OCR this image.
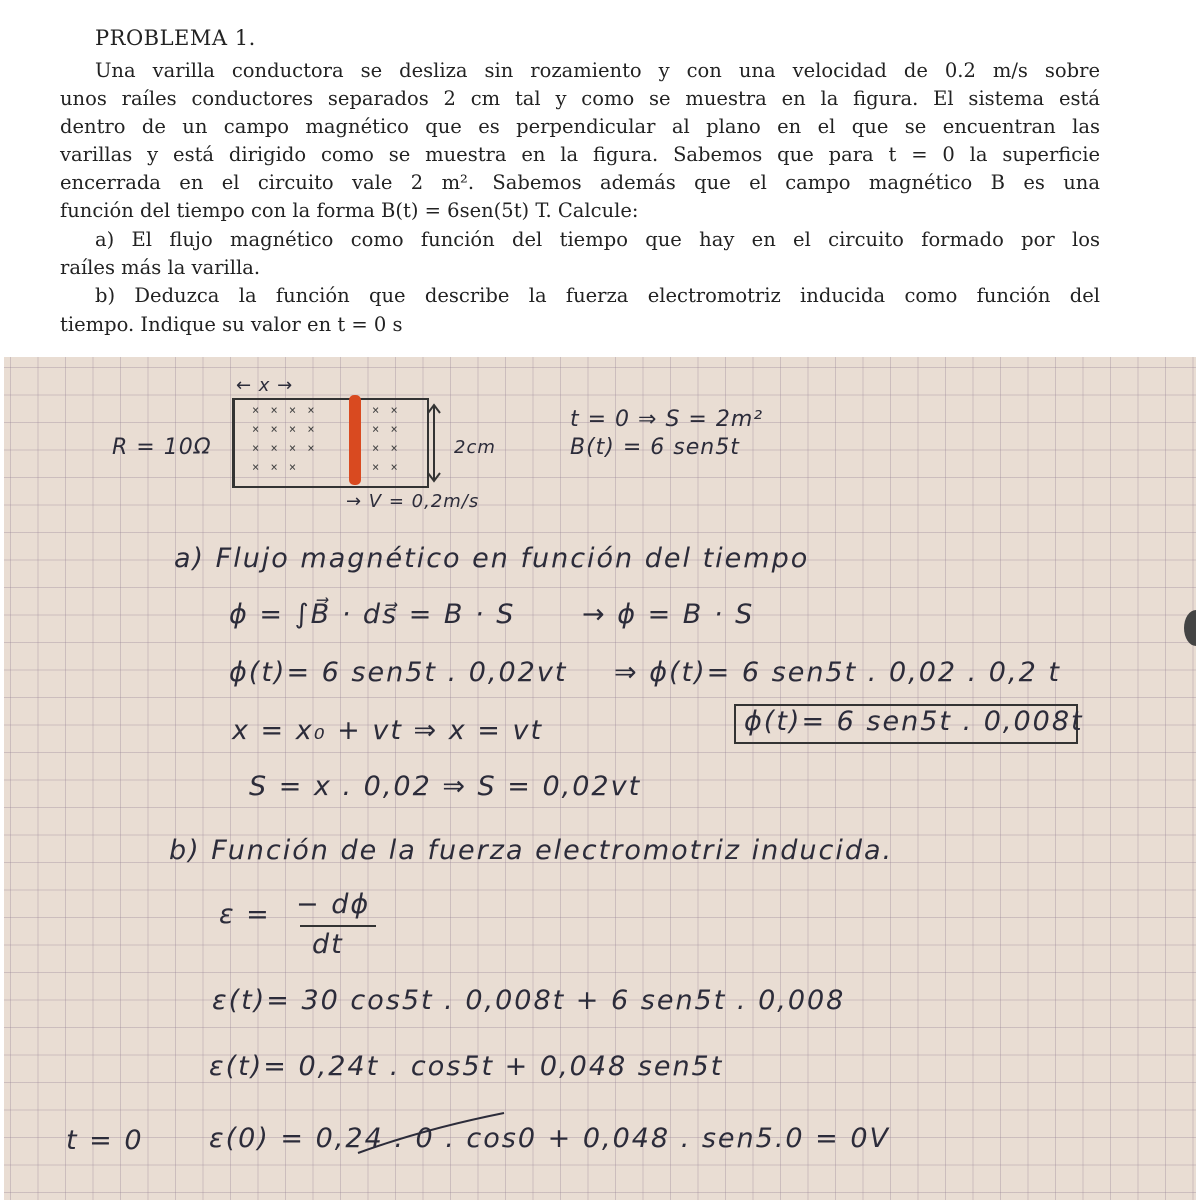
PROBLEMA 1.
Una varilla conductora se desliza sin rozamiento y con una velocidad de 0.2 m/s sobre
unos raíles conductores separados 2 cm tal y como se muestra en la figura. El sistema está
dentro de un campo magnético que es perpendicular al plano en el que se encuentran las
varillas y está dirigido como se muestra en la figura. Sabemos que para t = 0 la superficie
encerrada en el circuito vale 2 m². Sabemos además que el campo magnético B es una
función del tiempo con la forma B(t) = 6sen(5t) T. Calcule:
a) El flujo magnético como función del tiempo que hay en el circuito formado por los
raíles más la varilla.
b) Deduzca la función que describe la fuerza electromotriz inducida como función del
tiempo. Indique su valor en t = 0 s
← x →
R = 10Ω
× × × ×
× × × ×
× × × ×
× × ×
× ×
× ×
× ×
× ×
2cm
→ V = 0,2m/s
t = 0 ⇒ S = 2m²
B(t) = 6 sen5t
a) Flujo magnético en función del tiempo
ϕ = ∫B⃗ · ds⃗ = B · S → ϕ = B · S
ϕ(t)= 6 sen5t . 0,02vt ⇒ ϕ(t)= 6 sen5t . 0,02 . 0,2 t
x = x₀ + vt ⇒ x = vt	ϕ(t)= 6 sen5t . 0,008t
S = x . 0,02 ⇒ S = 0,02vt
b) Función de la fuerza electromotriz inducida.
ε = − dϕ
dt
ε(t)= 30 cos5t . 0,008t + 6 sen5t . 0,008
ε(t)= 0,24t . cos5t + 0,048 sen5t
t = 0 ε(0) = 0,24 . 0 . cos0 + 0,048 . sen5.0 = 0V
